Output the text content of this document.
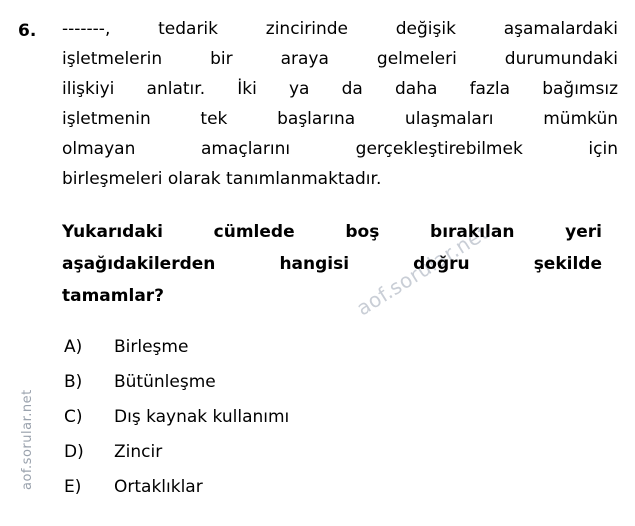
aof.sorular.net
aof.sorular.net
6.	-------, tedarik zincirinde değişik aşamalardaki
işletmelerin bir araya gelmeleri durumundaki
ilişkiyi anlatır. İki ya da daha fazla bağımsız
işletmenin tek başlarına ulaşmaları mümkün
olmayan amaçlarını gerçekleştirebilmek için
birleşmeleri olarak tanımlanmaktadır.
Yukarıdaki cümlede boş bırakılan yeri
aşağıdakilerden hangisi doğru şekilde
tamamlar?
A)	Birleşme
B)	Bütünleşme
C)	Dış kaynak kullanımı
D)	Zincir
E)	Ortaklıklar
